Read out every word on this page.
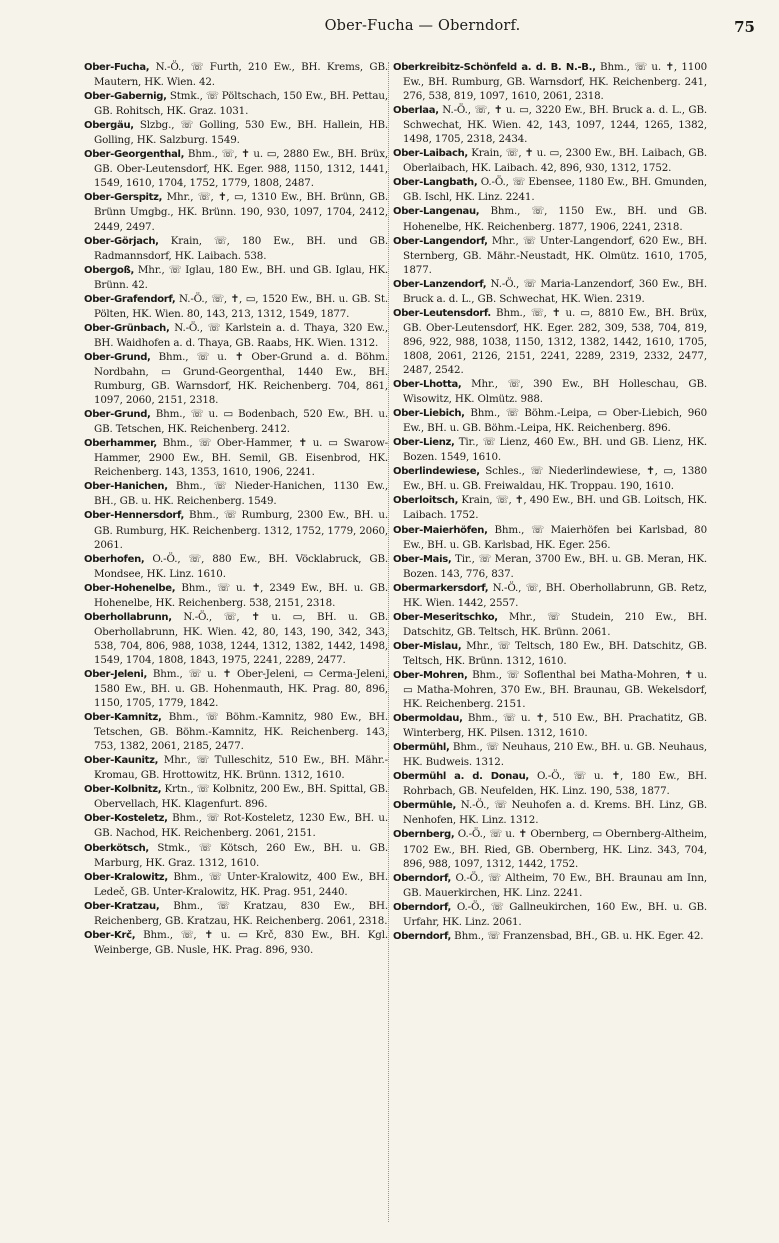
Ober-Fucha — Oberndorf.	75

Ober-Fucha, N.-Ö., ☏ Furth, 210 Ew., BH. Krems, GB. Mautern, HK. Wien. 42.

Ober-Gabernig, Stmk., ☏ Pöltschach, 150 Ew., BH. Pettau, GB. Rohitsch, HK. Graz. 1031.

Obergäu, Slzbg., ☏ Golling, 530 Ew., BH. Hallein, HB. Golling, HK. Salzburg. 1549.

Ober-Georgenthal, Bhm., ☏, ✝ u. ▭, 2880 Ew., BH. Brüx, GB. Ober-Leutensdorf, HK. Eger. 988, 1150, 1312, 1441, 1549, 1610, 1704, 1752, 1779, 1808, 2487.

Ober-Gerspitz, Mhr., ☏, ✝, ▭, 1310 Ew., BH. Brünn, GB. Brünn Umgbg., HK. Brünn. 190, 930, 1097, 1704, 2412, 2449, 2497.

Ober-Görjach, Krain, ☏, 180 Ew., BH. und GB. Radmannsdorf, HK. Laibach. 538.

Obergoß, Mhr., ☏ Iglau, 180 Ew., BH. und GB. Iglau, HK. Brünn. 42.

Ober-Grafendorf, N.-Ö., ☏, ✝, ▭, 1520 Ew., BH. u. GB. St. Pölten, HK. Wien. 80, 143, 213, 1312, 1549, 1877.

Ober-Grünbach, N.-Ö., ☏ Karlstein a. d. Thaya, 320 Ew., BH. Waidhofen a. d. Thaya, GB. Raabs, HK. Wien. 1312.

Ober-Grund, Bhm., ☏ u. ✝ Ober-Grund a. d. Böhm. Nordbahn, ▭ Grund-Georgenthal, 1440 Ew., BH. Rumburg, GB. Warnsdorf, HK. Reichenberg. 704, 861, 1097, 2060, 2151, 2318.

Ober-Grund, Bhm., ☏ u. ▭ Bodenbach, 520 Ew., BH. u. GB. Tetschen, HK. Reichenberg. 2412.

Oberhammer, Bhm., ☏ Ober-Hammer, ✝ u. ▭ Swarow-Hammer, 2900 Ew., BH. Semil, GB. Eisenbrod, HK. Reichenberg. 143, 1353, 1610, 1906, 2241.

Ober-Hanichen, Bhm., ☏ Nieder-Hanichen, 1130 Ew., BH., GB. u. HK. Reichenberg. 1549.

Ober-Hennersdorf, Bhm., ☏ Rumburg, 2300 Ew., BH. u. GB. Rumburg, HK. Reichenberg. 1312, 1752, 1779, 2060, 2061.

Oberhofen, O.-Ö., ☏, 880 Ew., BH. Vöcklabruck, GB. Mondsee, HK. Linz. 1610.

Ober-Hohenelbe, Bhm., ☏ u. ✝, 2349 Ew., BH. u. GB. Hohenelbe, HK. Reichenberg. 538, 2151, 2318.

Oberhollabrunn, N.-Ö., ☏, ✝ u. ▭, BH. u. GB. Oberhollabrunn, HK. Wien. 42, 80, 143, 190, 342, 343, 538, 704, 806, 988, 1038, 1244, 1312, 1382, 1442, 1498, 1549, 1704, 1808, 1843, 1975, 2241, 2289, 2477.

Ober-Jeleni, Bhm., ☏ u. ✝ Ober-Jeleni, ▭ Cerma-Jeleni, 1580 Ew., BH. u. GB. Hohenmauth, HK. Prag. 80, 896, 1150, 1705, 1779, 1842.

Ober-Kamnitz, Bhm., ☏ Böhm.-Kamnitz, 980 Ew., BH. Tetschen, GB. Böhm.-Kamnitz, HK. Reichenberg. 143, 753, 1382, 2061, 2185, 2477.

Ober-Kaunitz, Mhr., ☏ Tulleschitz, 510 Ew., BH. Mähr.-Kromau, GB. Hrottowitz, HK. Brünn. 1312, 1610.

Ober-Kolbnitz, Krtn., ☏ Kolbnitz, 200 Ew., BH. Spittal, GB. Obervellach, HK. Klagenfurt. 896.

Ober-Kosteletz, Bhm., ☏ Rot-Kosteletz, 1230 Ew., BH. u. GB. Nachod, HK. Reichenberg. 2061, 2151.

Oberkötsch, Stmk., ☏ Kötsch, 260 Ew., BH. u. GB. Marburg, HK. Graz. 1312, 1610.

Ober-Kralowitz, Bhm., ☏ Unter-Kralowitz, 400 Ew., BH. Ledeč, GB. Unter-Kralowitz, HK. Prag. 951, 2440.

Ober-Kratzau, Bhm., ☏ Kratzau, 830 Ew., BH. Reichenberg, GB. Kratzau, HK. Reichenberg. 2061, 2318.

Ober-Krč, Bhm., ☏, ✝ u. ▭ Krč, 830 Ew., BH. Kgl. Weinberge, GB. Nusle, HK. Prag. 896, 930.

Oberkreibitz-Schönfeld a. d. B. N.-B., Bhm., ☏ u. ✝, 1100 Ew., BH. Rumburg, GB. Warnsdorf, HK. Reichenberg. 241, 276, 538, 819, 1097, 1610, 2061, 2318.

Oberlaa, N.-Ö., ☏, ✝ u. ▭, 3220 Ew., BH. Bruck a. d. L., GB. Schwechat, HK. Wien. 42, 143, 1097, 1244, 1265, 1382, 1498, 1705, 2318, 2434.

Ober-Laibach, Krain, ☏, ✝ u. ▭, 2300 Ew., BH. Laibach, GB. Oberlaibach, HK. Laibach. 42, 896, 930, 1312, 1752.

Ober-Langbath, O.-Ö., ☏ Ebensee, 1180 Ew., BH. Gmunden, GB. Ischl, HK. Linz. 2241.

Ober-Langenau, Bhm., ☏, 1150 Ew., BH. und GB. Hohenelbe, HK. Reichenberg. 1877, 1906, 2241, 2318.

Ober-Langendorf, Mhr., ☏ Unter-Langendorf, 620 Ew., BH. Sternberg, GB. Mähr.-Neustadt, HK. Olmütz. 1610, 1705, 1877.

Ober-Lanzendorf, N.-Ö., ☏ Maria-Lanzendorf, 360 Ew., BH. Bruck a. d. L., GB. Schwechat, HK. Wien. 2319.

Ober-Leutensdorf. Bhm., ☏, ✝ u. ▭, 8810 Ew., BH. Brüx, GB. Ober-Leutensdorf, HK. Eger. 282, 309, 538, 704, 819, 896, 922, 988, 1038, 1150, 1312, 1382, 1442, 1610, 1705, 1808, 2061, 2126, 2151, 2241, 2289, 2319, 2332, 2477, 2487, 2542.

Ober-Lhotta, Mhr., ☏, 390 Ew., BH Holleschau, GB. Wisowitz, HK. Olmütz. 988.

Ober-Liebich, Bhm., ☏ Böhm.-Leipa, ▭ Ober-Liebich, 960 Ew., BH. u. GB. Böhm.-Leipa, HK. Reichenberg. 896.

Ober-Lienz, Tir., ☏ Lienz, 460 Ew., BH. und GB. Lienz, HK. Bozen. 1549, 1610.

Oberlindewiese, Schles., ☏ Niederlindewiese, ✝, ▭, 1380 Ew., BH. u. GB. Freiwaldau, HK. Troppau. 190, 1610.

Oberloitsch, Krain, ☏, ✝, 490 Ew., BH. und GB. Loitsch, HK. Laibach. 1752.

Ober-Maierhöfen, Bhm., ☏ Maierhöfen bei Karlsbad, 80 Ew., BH. u. GB. Karlsbad, HK. Eger. 256.

Ober-Mais, Tir., ☏ Meran, 3700 Ew., BH. u. GB. Meran, HK. Bozen. 143, 776, 837.

Obermarkersdorf, N.-Ö., ☏, BH. Oberhollabrunn, GB. Retz, HK. Wien. 1442, 2557.

Ober-Meseritschko, Mhr., ☏ Studein, 210 Ew., BH. Datschitz, GB. Teltsch, HK. Brünn. 2061.

Ober-Mislau, Mhr., ☏ Teltsch, 180 Ew., BH. Datschitz, GB. Teltsch, HK. Brünn. 1312, 1610.

Ober-Mohren, Bhm., ☏ Soflenthal bei Matha-Mohren, ✝ u. ▭ Matha-Mohren, 370 Ew., BH. Braunau, GB. Wekelsdorf, HK. Reichenberg. 2151.

Obermoldau, Bhm., ☏ u. ✝, 510 Ew., BH. Prachatitz, GB. Winterberg, HK. Pilsen. 1312, 1610.

Obermühl, Bhm., ☏ Neuhaus, 210 Ew., BH. u. GB. Neuhaus, HK. Budweis. 1312.

Obermühl a. d. Donau, O.-Ö., ☏ u. ✝, 180 Ew., BH. Rohrbach, GB. Neufelden, HK. Linz. 190, 538, 1877.

Obermühle, N.-Ö., ☏ Neuhofen a. d. Krems. BH. Linz, GB. Nenhofen, HK. Linz. 1312.

Obernberg, O.-Ö., ☏ u. ✝ Obernberg, ▭ Obernberg-Altheim, 1702 Ew., BH. Ried, GB. Obernberg, HK. Linz. 343, 704, 896, 988, 1097, 1312, 1442, 1752.

Oberndorf, O.-Ö., ☏ Altheim, 70 Ew., BH. Braunau am Inn, GB. Mauerkirchen, HK. Linz. 2241.

Oberndorf, O.-Ö., ☏ Gallneukirchen, 160 Ew., BH. u. GB. Urfahr, HK. Linz. 2061.

Oberndorf, Bhm., ☏ Franzensbad, BH., GB. u. HK. Eger. 42.
